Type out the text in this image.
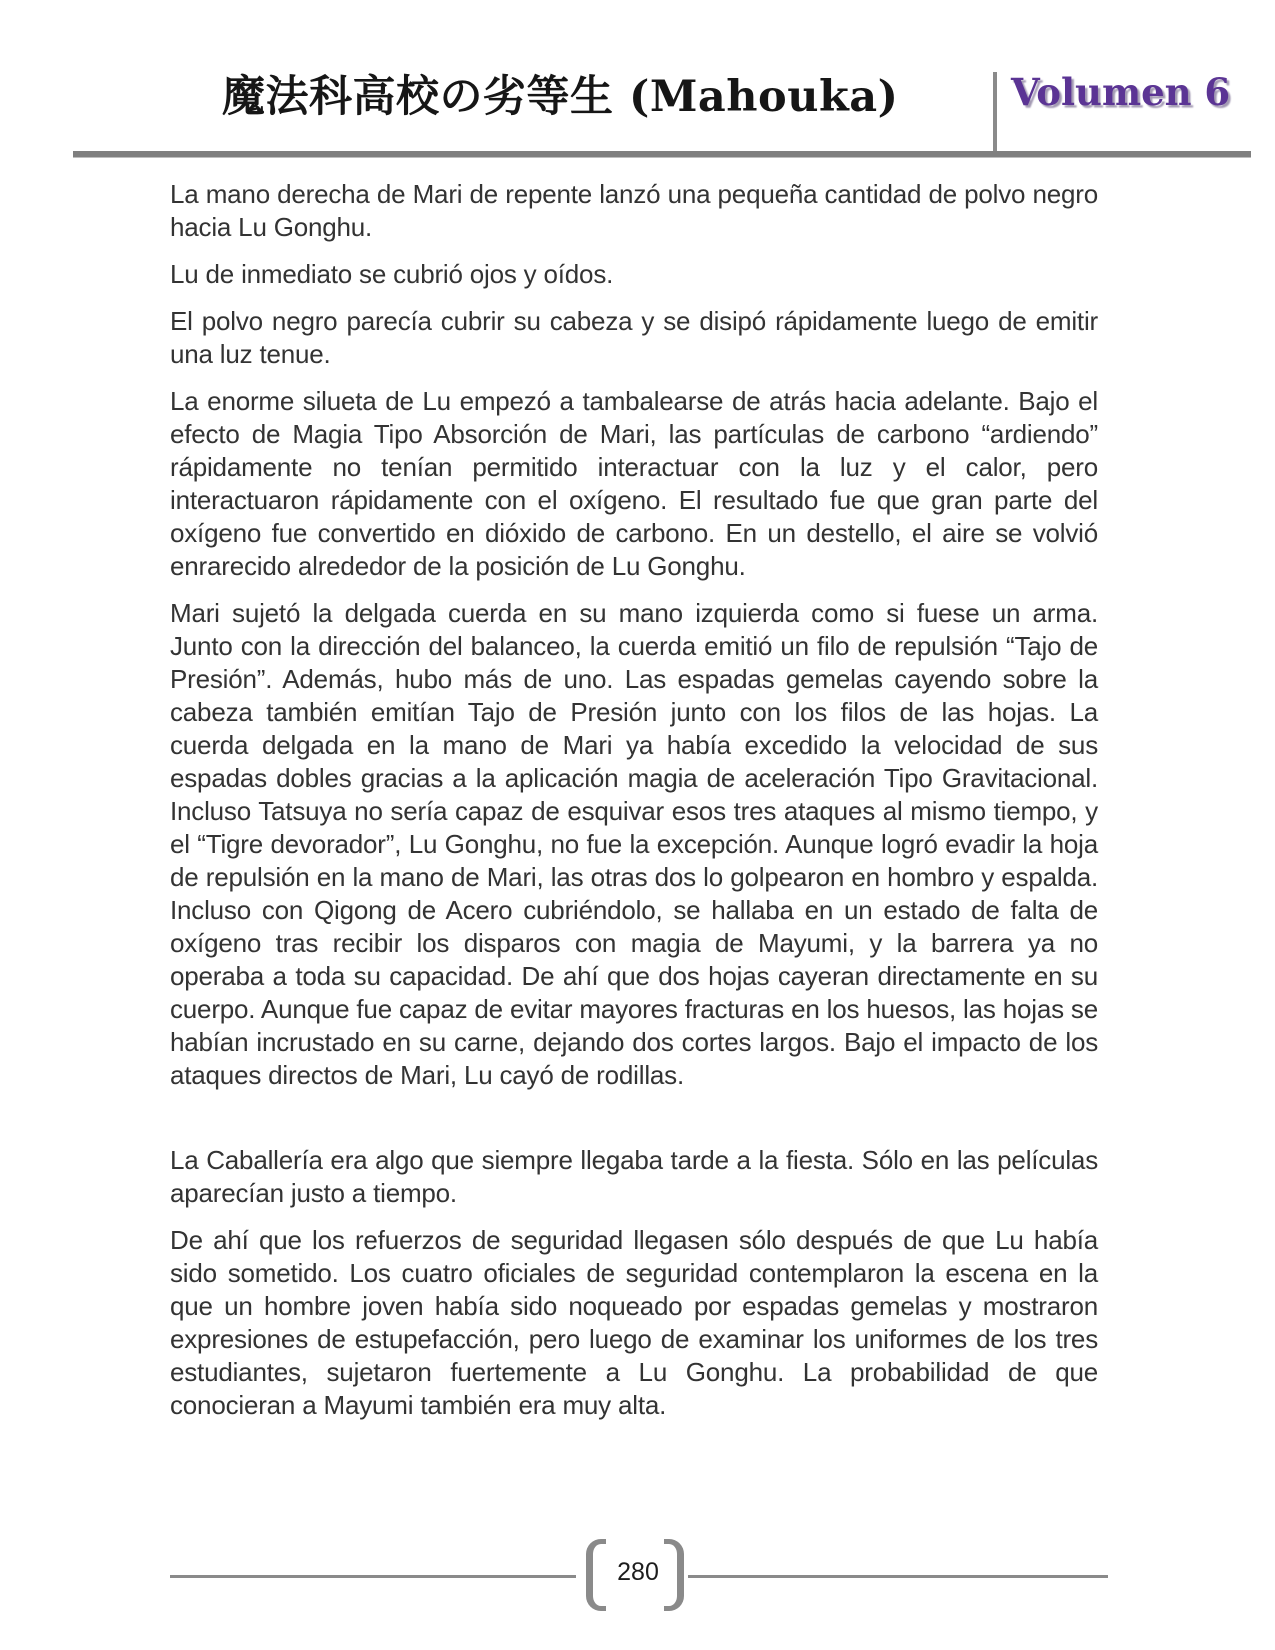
魔法科高校の劣等生 (Mahouka)	Volumen 6

La mano derecha de Mari de repente lanzó una pequeña cantidad de polvo negro hacia Lu Gonghu.

Lu de inmediato se cubrió ojos y oídos.

El polvo negro parecía cubrir su cabeza y se disipó rápidamente luego de emitir una luz tenue.

La enorme silueta de Lu empezó a tambalearse de atrás hacia adelante. Bajo el efecto de Magia Tipo Absorción de Mari, las partículas de carbono “ardiendo” rápidamente no tenían permitido interactuar con la luz y el calor, pero interactuaron rápidamente con el oxígeno. El resultado fue que gran parte del oxígeno fue convertido en dióxido de carbono. En un destello, el aire se volvió enrarecido alrededor de la posición de Lu Gonghu.

Mari sujetó la delgada cuerda en su mano izquierda como si fuese un arma. Junto con la dirección del balanceo, la cuerda emitió un filo de repulsión “Tajo de Presión”. Además, hubo más de uno. Las espadas gemelas cayendo sobre la cabeza también emitían Tajo de Presión junto con los filos de las hojas. La cuerda delgada en la mano de Mari ya había excedido la velocidad de sus espadas dobles gracias a la aplicación magia de aceleración Tipo Gravitacional. Incluso Tatsuya no sería capaz de esquivar esos tres ataques al mismo tiempo, y el “Tigre devorador”, Lu Gonghu, no fue la excepción. Aunque logró evadir la hoja de repulsión en la mano de Mari, las otras dos lo golpearon en hombro y espalda. Incluso con Qigong de Acero cubriéndolo, se hallaba en un estado de falta de oxígeno tras recibir los disparos con magia de Mayumi, y la barrera ya no operaba a toda su capacidad. De ahí que dos hojas cayeran directamente en su cuerpo. Aunque fue capaz de evitar mayores fracturas en los huesos, las hojas se habían incrustado en su carne, dejando dos cortes largos. Bajo el impacto de los ataques directos de Mari, Lu cayó de rodillas.

La Caballería era algo que siempre llegaba tarde a la fiesta. Sólo en las películas aparecían justo a tiempo.

De ahí que los refuerzos de seguridad llegasen sólo después de que Lu había sido sometido. Los cuatro oficiales de seguridad contemplaron la escena en la que un hombre joven había sido noqueado por espadas gemelas y mostraron expresiones de estupefacción, pero luego de examinar los uniformes de los tres estudiantes, sujetaron fuertemente a Lu Gonghu. La probabilidad de que conocieran a Mayumi también era muy alta.

280
